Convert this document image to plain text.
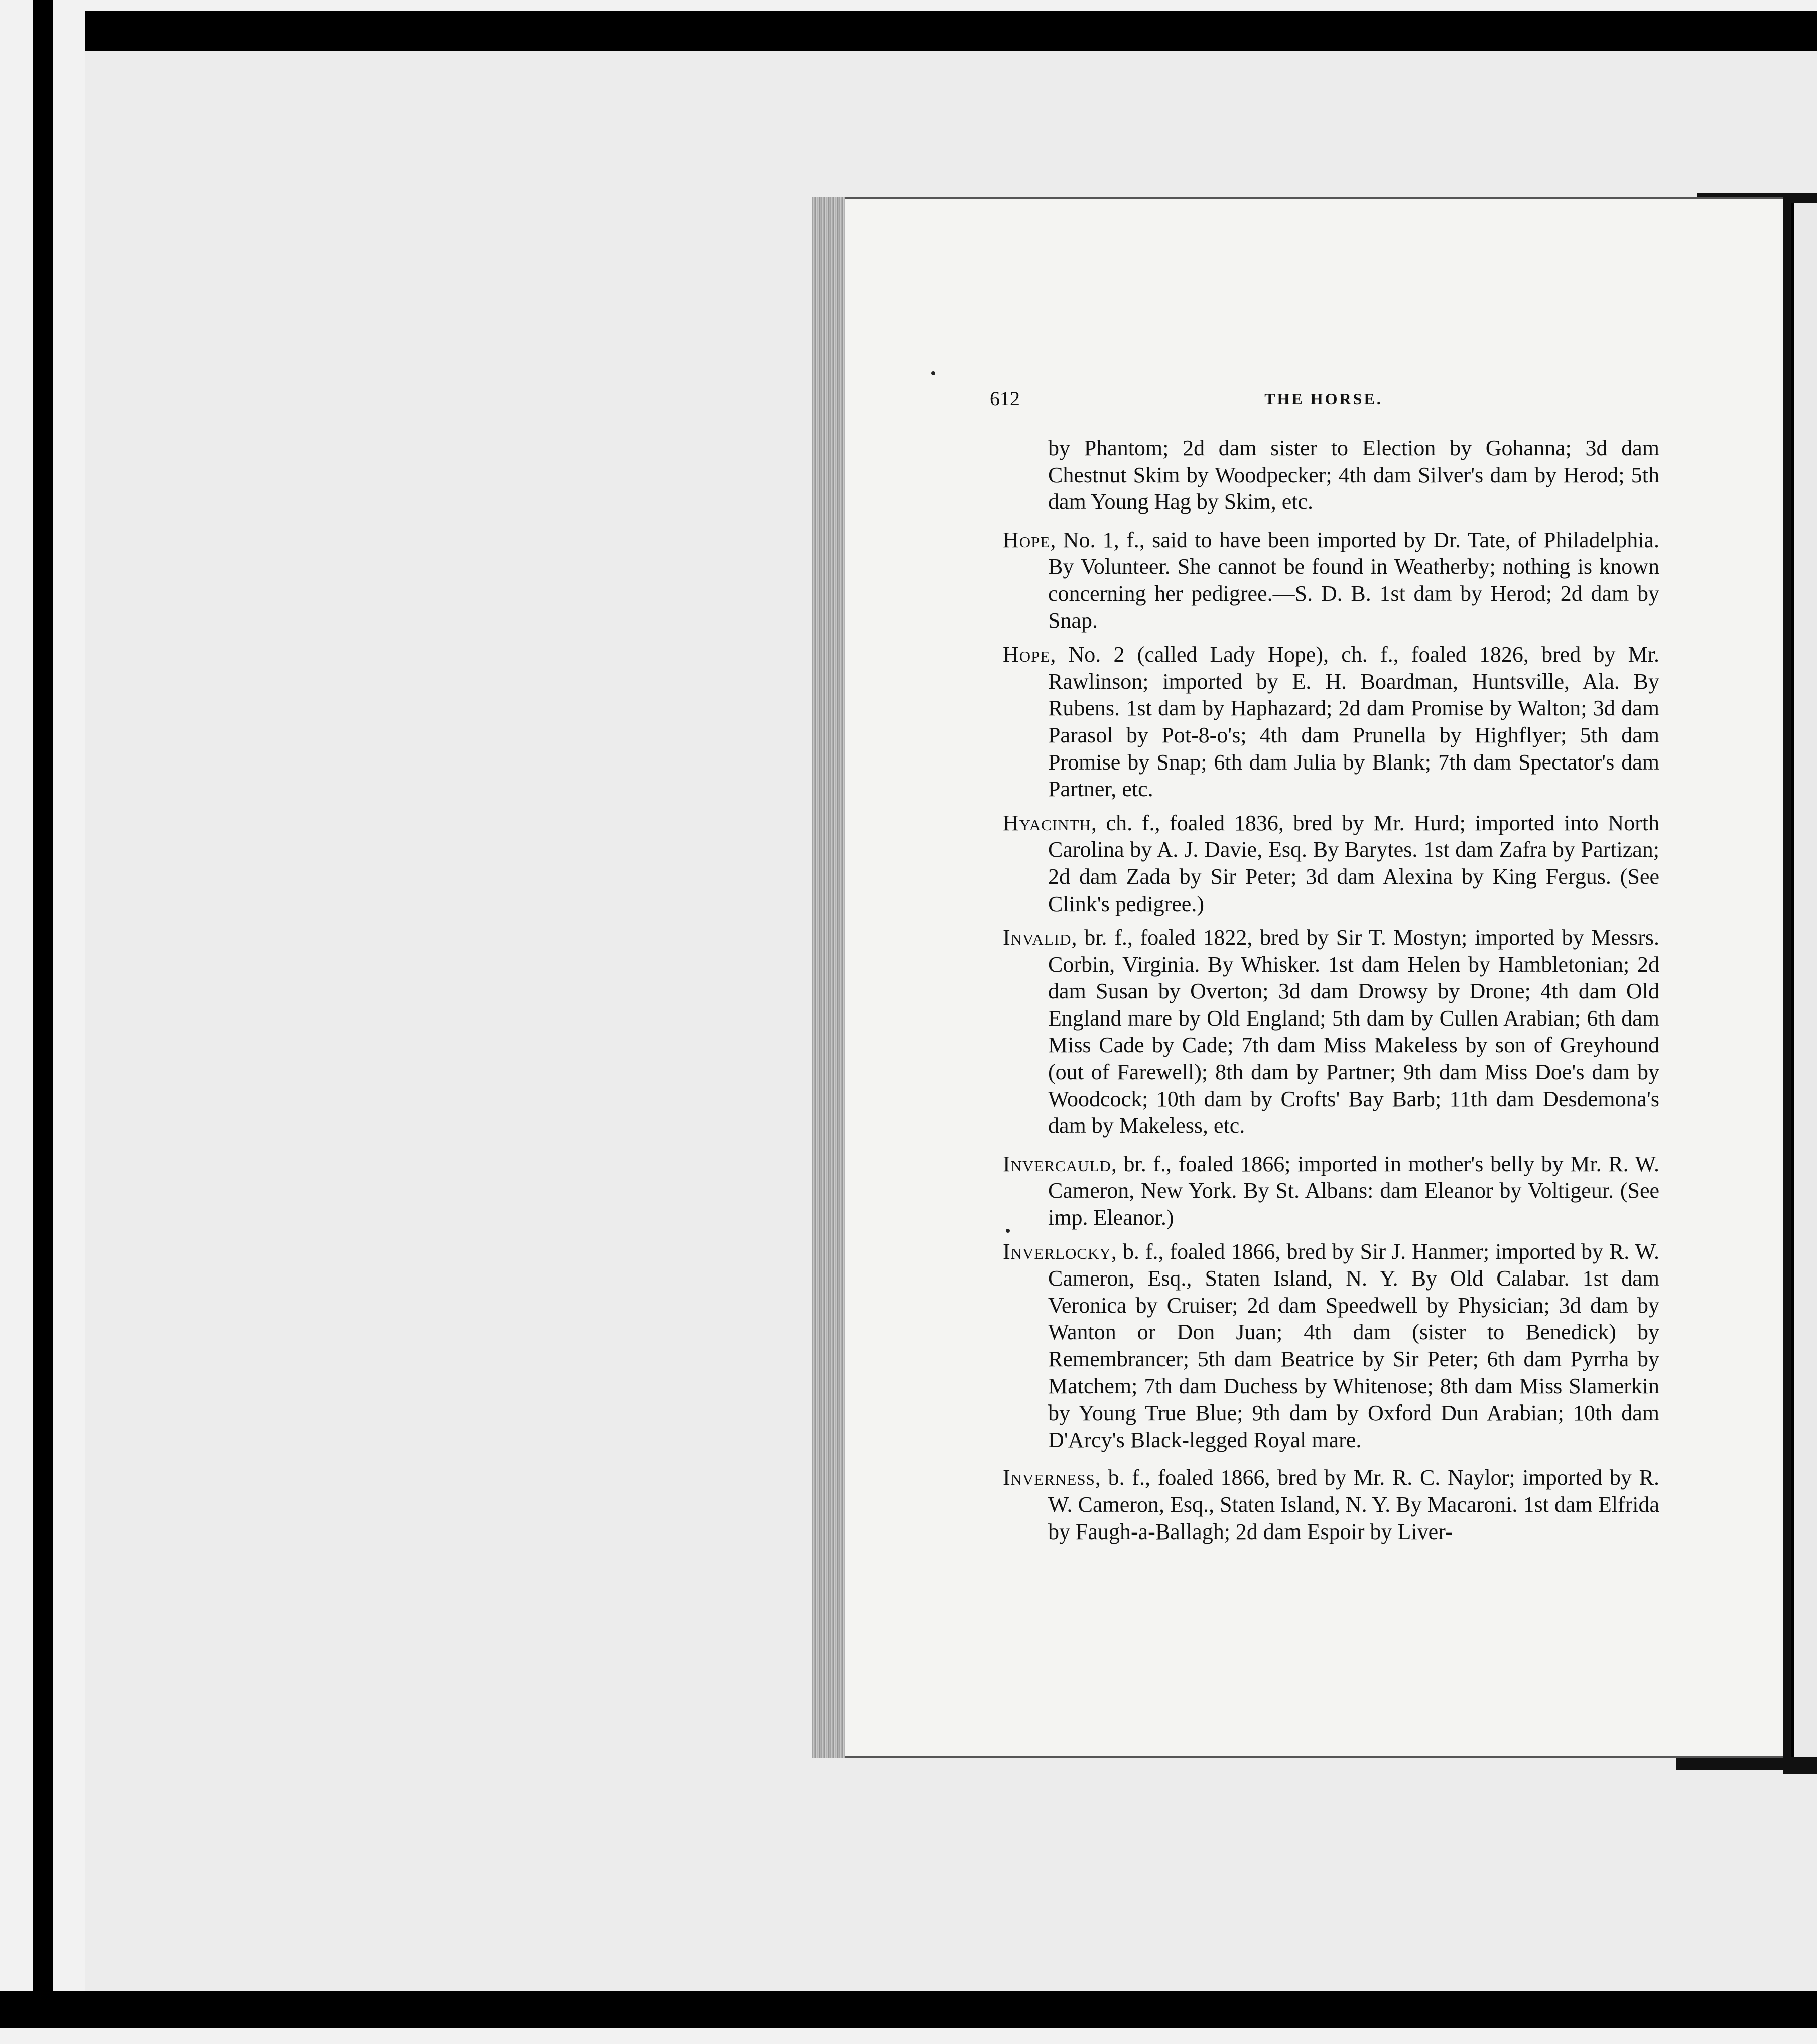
612	THE HORSE.

by Phantom; 2d dam sister to Election by Gohanna; 3d dam Chestnut Skim by Woodpecker; 4th dam Silver's dam by Herod; 5th dam Young Hag by Skim, etc.

Hope, No. 1, f., said to have been imported by Dr. Tate, of Philadelphia. By Volunteer. She cannot be found in Weatherby; nothing is known concerning her pedigree.—S. D. B. 1st dam by Herod; 2d dam by Snap.

Hope, No. 2 (called Lady Hope), ch. f., foaled 1826, bred by Mr. Rawlinson; imported by E. H. Boardman, Huntsville, Ala. By Rubens. 1st dam by Haphazard; 2d dam Promise by Walton; 3d dam Parasol by Pot-8-o's; 4th dam Prunella by Highflyer; 5th dam Promise by Snap; 6th dam Julia by Blank; 7th dam Spectator's dam Partner, etc.

Hyacinth, ch. f., foaled 1836, bred by Mr. Hurd; imported into North Carolina by A. J. Davie, Esq. By Barytes. 1st dam Zafra by Partizan; 2d dam Zada by Sir Peter; 3d dam Alexina by King Fergus. (See Clink's pedigree.)

Invalid, br. f., foaled 1822, bred by Sir T. Mostyn; imported by Messrs. Corbin, Virginia. By Whisker. 1st dam Helen by Hambletonian; 2d dam Susan by Overton; 3d dam Drowsy by Drone; 4th dam Old England mare by Old England; 5th dam by Cullen Arabian; 6th dam Miss Cade by Cade; 7th dam Miss Makeless by son of Greyhound (out of Farewell); 8th dam by Partner; 9th dam Miss Doe's dam by Woodcock; 10th dam by Crofts' Bay Barb; 11th dam Desdemona's dam by Makeless, etc.

Invercauld, br. f., foaled 1866; imported in mother's belly by Mr. R. W. Cameron, New York. By St. Albans: dam Eleanor by Voltigeur. (See imp. Eleanor.)

Inverlocky, b. f., foaled 1866, bred by Sir J. Hanmer; imported by R. W. Cameron, Esq., Staten Island, N. Y. By Old Calabar. 1st dam Veronica by Cruiser; 2d dam Speedwell by Physician; 3d dam by Wanton or Don Juan; 4th dam (sister to Benedick) by Remembrancer; 5th dam Beatrice by Sir Peter; 6th dam Pyrrha by Matchem; 7th dam Duchess by Whitenose; 8th dam Miss Slamerkin by Young True Blue; 9th dam by Oxford Dun Arabian; 10th dam D'Arcy's Black-legged Royal mare.

Inverness, b. f., foaled 1866, bred by Mr. R. C. Naylor; imported by R. W. Cameron, Esq., Staten Island, N. Y. By Macaroni. 1st dam Elfrida by Faugh-a-Ballagh; 2d dam Espoir by Liver-
